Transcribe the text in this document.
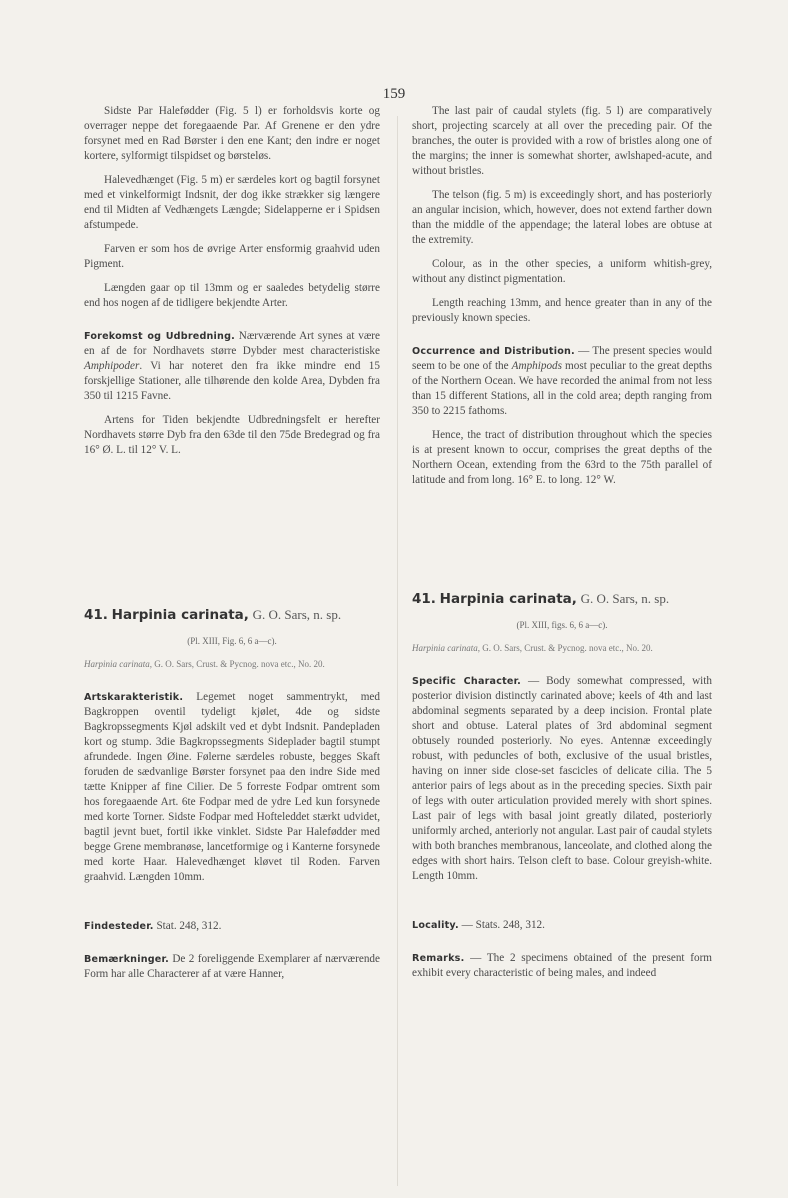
159

Sidste Par Halefødder (Fig. 5 l) er forholdsvis korte og overrager neppe det foregaaende Par. Af Grenene er den ydre forsynet med en Rad Børster i den ene Kant; den indre er noget kortere, sylformigt tilspidset og børsteløs.

Halevedhænget (Fig. 5 m) er særdeles kort og bagtil forsynet med et vinkelformigt Indsnit, der dog ikke strækker sig længere end til Midten af Vedhængets Længde; Sidelapperne er i Spidsen afstumpede.

Farven er som hos de øvrige Arter ensformig graahvid uden Pigment.

Længden gaar op til 13mm og er saaledes betydelig større end hos nogen af de tidligere bekjendte Arter.

Forekomst og Udbredning. Nærværende Art synes at være en af de for Nordhavets større Dybder mest characteristiske Amphipoder. Vi har noteret den fra ikke mindre end 15 forskjellige Stationer, alle tilhørende den kolde Area, Dybden fra 350 til 1215 Favne.

Artens for Tiden bekjendte Udbredningsfelt er herefter Nordhavets større Dyb fra den 63de til den 75de Bredegrad og fra 16° Ø. L. til 12° V. L.

41. Harpinia carinata, G. O. Sars, n. sp.

(Pl. XIII, Fig. 6, 6 a—c).

Harpinia carinata, G. O. Sars, Crust. & Pycnog. nova etc., No. 20.

Artskarakteristik. Legemet noget sammentrykt, med Bagkroppen oventil tydeligt kjølet, 4de og sidste Bagkropssegments Kjøl adskilt ved et dybt Indsnit. Pandepladen kort og stump. 3die Bagkropssegments Sideplader bagtil stumpt afrundede. Ingen Øine. Følerne særdeles robuste, begges Skaft foruden de sædvanlige Børster forsynet paa den indre Side med tætte Knipper af fine Cilier. De 5 forreste Fodpar omtrent som hos foregaaende Art. 6te Fodpar med de ydre Led kun forsynede med korte Torner. Sidste Fodpar med Hofteleddet stærkt udvidet, bagtil jevnt buet, fortil ikke vinklet. Sidste Par Halefødder med begge Grene membranøse, lancetformige og i Kanterne forsynede med korte Haar. Halevedhænget kløvet til Roden. Farven graahvid. Længden 10mm.

Findesteder. Stat. 248, 312.

Bemærkninger. De 2 foreliggende Exemplarer af nærværende Form har alle Characterer af at være Hanner,

The last pair of caudal stylets (fig. 5 l) are comparatively short, projecting scarcely at all over the preceding pair. Of the branches, the outer is provided with a row of bristles along one of the margins; the inner is somewhat shorter, awlshaped-acute, and without bristles.

The telson (fig. 5 m) is exceedingly short, and has posteriorly an angular incision, which, however, does not extend farther down than the middle of the appendage; the lateral lobes are obtuse at the extremity.

Colour, as in the other species, a uniform whitish-grey, without any distinct pigmentation.

Length reaching 13mm, and hence greater than in any of the previously known species.

Occurrence and Distribution. — The present species would seem to be one of the Amphipods most peculiar to the great depths of the Northern Ocean. We have recorded the animal from not less than 15 different Stations, all in the cold area; depth ranging from 350 to 2215 fathoms.

Hence, the tract of distribution throughout which the species is at present known to occur, comprises the great depths of the Northern Ocean, extending from the 63rd to the 75th parallel of latitude and from long. 16° E. to long. 12° W.

41. Harpinia carinata, G. O. Sars, n. sp.

(Pl. XIII, figs. 6, 6 a—c).

Harpinia carinata, G. O. Sars, Crust. & Pycnog. nova etc., No. 20.

Specific Character. — Body somewhat compressed, with posterior division distinctly carinated above; keels of 4th and last abdominal segments separated by a deep incision. Frontal plate short and obtuse. Lateral plates of 3rd abdominal segment obtusely rounded posteriorly. No eyes. Antennæ exceedingly robust, with peduncles of both, exclusive of the usual bristles, having on inner side close-set fascicles of delicate cilia. The 5 anterior pairs of legs about as in the preceding species. Sixth pair of legs with outer articulation provided merely with short spines. Last pair of legs with basal joint greatly dilated, posteriorly uniformly arched, anteriorly not angular. Last pair of caudal stylets with both branches membranous, lanceolate, and clothed along the edges with short hairs. Telson cleft to base. Colour greyish-white. Length 10mm.

Locality. — Stats. 248, 312.

Remarks. — The 2 specimens obtained of the present form exhibit every characteristic of being males, and indeed
